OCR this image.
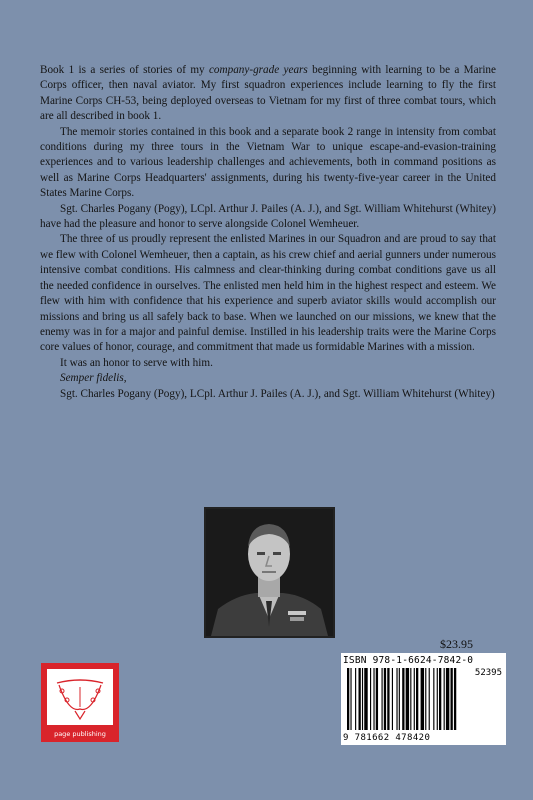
Book 1 is a series of stories of my company-grade years beginning with learning to be a Marine Corps officer, then naval aviator. My first squadron experiences include learning to fly the first Marine Corps CH-53, being deployed overseas to Vietnam for my first of three combat tours, which are all described in book 1.

The memoir stories contained in this book and a separate book 2 range in intensity from combat conditions during my three tours in the Vietnam War to unique escape-and-evasion-training experiences and to various leadership challenges and achievements, both in command positions as well as Marine Corps Headquarters' assignments, during his twenty-five-year career in the United States Marine Corps.

Sgt. Charles Pogany (Pogy), LCpl. Arthur J. Pailes (A. J.), and Sgt. William Whitehurst (Whitey) have had the pleasure and honor to serve alongside Colonel Wemheuer.

The three of us proudly represent the enlisted Marines in our Squadron and are proud to say that we flew with Colonel Wemheuer, then a captain, as his crew chief and aerial gunners under numerous intensive combat conditions. His calmness and clear-thinking during combat conditions gave us all the needed confidence in ourselves. The enlisted men held him in the highest respect and esteem. We flew with him with confidence that his experience and superb aviator skills would accomplish our missions and bring us all safely back to base. When we launched on our missions, we knew that the enemy was in for a major and painful demise. Instilled in his leadership traits were the Marine Corps core values of honor, courage, and commitment that made us formidable Marines with a mission.

It was an honor to serve with him.

Semper fidelis,

Sgt. Charles Pogany (Pogy), LCpl. Arthur J. Pailes (A. J.), and Sgt. William Whitehurst (Whitey)

$23.95
ISBN 978-1-6624-7842-0
52395
9 781662 478420
page publishing
